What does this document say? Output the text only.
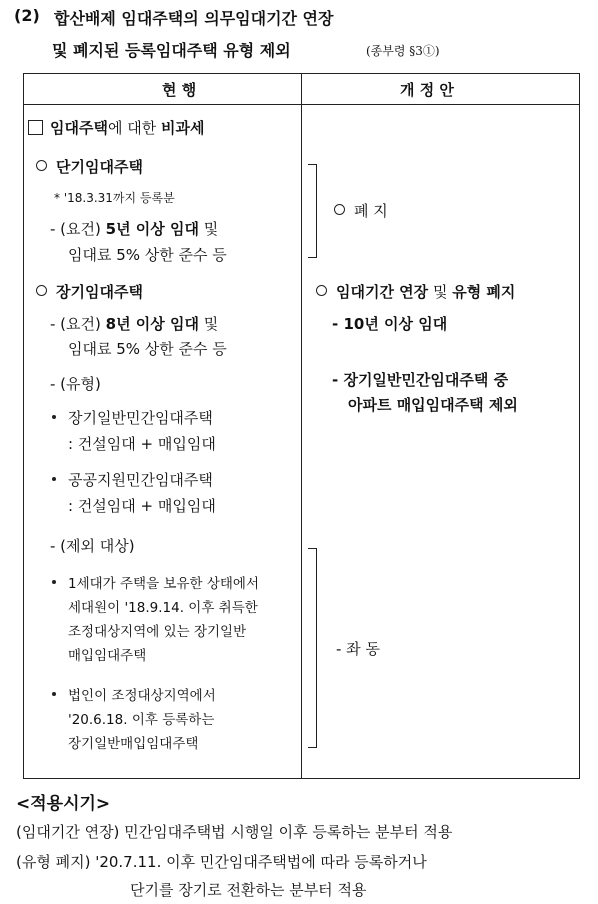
(2) 합산배제 임대주택의 의무임대기간 연장
및 폐지된 등록임대주택 유형 제외	(종부령 §3①)
현 행	개 정 안
임대주택에 대한 비과세
단기임대주택
* '18.3.31까지 등록분
- (요건) 5년 이상 임대 및
임대료 5% 상한 준수 등
장기임대주택
- (요건) 8년 이상 임대 및
임대료 5% 상한 준수 등
- (유형)
장기일반민간임대주택
: 건설임대 + 매입임대
공공지원민간임대주택
: 건설임대 + 매입임대
- (제외 대상)
1세대가 주택을 보유한 상태에서
세대원이 '18.9.14. 이후 취득한
조정대상지역에 있는 장기일반
매입임대주택
법인이 조정대상지역에서
'20.6.18. 이후 등록하는
장기일반매입임대주택
폐 지
임대기간 연장 및 유형 폐지
- 10년 이상 임대
- 장기일반민간임대주택 중
아파트 매입임대주택 제외
- 좌 동
<적용시기>
(임대기간 연장) 민간임대주택법 시행일 이후 등록하는 분부터 적용
(유형 폐지) '20.7.11. 이후 민간임대주택법에 따라 등록하거나
단기를 장기로 전환하는 분부터 적용
